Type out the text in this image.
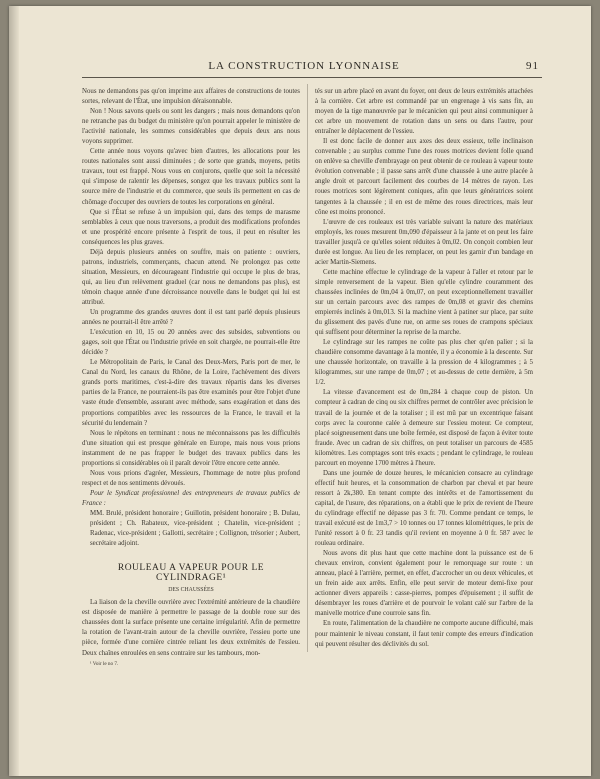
LA CONSTRUCTION LYONNAISE	91

Nous ne demandons pas qu'on imprime aux affaires de constructions de toutes sortes, relevant de l'État, une impulsion déraisonnable.

Non ! Nous savons quels ou sont les dangers ; mais nous demandons qu'on ne retranche pas du budget du ministère qu'on pourrait appeler le ministère de l'activité nationale, les sommes considérables que depuis deux ans nous voyons supprimer.

Cette année nous voyons qu'avec bien d'autres, les allocations pour les routes nationales sont aussi diminuées ; de sorte que grands, moyens, petits travaux, tout est frappé. Nous vous en conjurons, quelle que soit la nécessité qui s'impose de ralentir les dépenses, songez que les travaux publics sont la source mère de l'industrie et du commerce, que seuls ils permettent en cas de chômage d'occuper des ouvriers de toutes les corporations en général.

Que si l'État se refuse à un impulsion qui, dans des temps de marasme semblables à ceux que nous traversons, a produit des modifications profondes et une prospérité encore présente à l'esprit de tous, il peut en résulter les conséquences les plus graves.

Déjà depuis plusieurs années on souffre, mais on patiente : ouvriers, patrons, industriels, commerçants, chacun attend. Ne prolongez pas cette situation, Messieurs, en décourageant l'industrie qui occupe le plus de bras, qui, au lieu d'un relèvement graduel (car nous ne demandons pas plus), est témoin chaque année d'une décroissance nouvelle dans le budget qui lui est attribué.

Un programme des grandes œuvres dont il est tant parlé depuis plusieurs années ne pourrait-il être arrêté ?

L'exécution en 10, 15 ou 20 années avec des subsides, subventions ou gages, soit que l'État ou l'industrie privée en soit chargée, ne pourrait-elle être décidée ?

Le Métropolitain de Paris, le Canal des Deux-Mers, Paris port de mer, le Canal du Nord, les canaux du Rhône, de la Loire, l'achèvement des divers grands ports maritimes, c'est-à-dire des travaux répartis dans les diverses parties de la France, ne pourraient-ils pas être examinés pour être l'objet d'une vaste étude d'ensemble, assurant avec méthode, sans exagération et dans des proportions compatibles avec les ressources de la France, le travail et la sécurité du lendemain ?

Nous le répétons en terminant : nous ne méconnaissons pas les difficultés d'une situation qui est presque générale en Europe, mais nous vous prions instamment de ne pas frapper le budget des travaux publics dans les proportions si considérables où il paraît devoir l'être encore cette année.

Nous vous prions d'agréer, Messieurs, l'hommage de notre plus profond respect et de nos sentiments dévoués.

Pour le Syndicat professionnel des entrepreneurs de travaux publics de France :

MM. Brulé, président honoraire ; Guillotin, président honoraire ; B. Dulau, président ; Ch. Rabateux, vice-président ; Chatelin, vice-président ; Radenac, vice-président ; Gallotti, secrétaire ; Collignon, trésorier ; Aubert, secrétaire adjoint.

ROULEAU A VAPEUR POUR LE CYLINDRAGE¹
DES CHAUSSÉES

La liaison de la cheville ouvrière avec l'extrémité antérieure de la chaudière est disposée de manière à permettre le passage de la double roue sur des chaussées dont la surface présente une certaine irrégularité. Afin de permettre la rotation de l'avant-train autour de la cheville ouvrière, l'essieu porte une pièce, formée d'une cornière cintrée reliant les deux extrémités de l'essieu. Deux chaînes enroulées en sens contraire sur les tambours, mon-

¹ Voir le no 7.

tés sur un arbre placé en avant du foyer, ont deux de leurs extrémités attachées à la cornière. Cet arbre est commandé par un engrenage à vis sans fin, au moyen de la tige manœuvrée par le mécanicien qui peut ainsi communiquer à cet arbre un mouvement de rotation dans un sens ou dans l'autre, pour entraîner le déplacement de l'essieu.

Il est donc facile de donner aux axes des deux essieux, telle inclinaison convenable ; au surplus comme l'une des roues motrices devient folle quand on enlève sa cheville d'embrayage on peut obtenir de ce rouleau à vapeur toute évolution convenable ; il passe sans arrêt d'une chaussée à une autre placée à angle droit et parcourt facilement des courbes de 14 mètres de rayon. Les roues motrices sont légèrement coniques, afin que leurs génératrices soient tangentes à la chaussée ; il en est de même des roues directrices, mais leur cône est moins prononcé.

L'œuvre de ces rouleaux est très variable suivant la nature des matériaux employés, les roues mesurent 0m,090 d'épaisseur à la jante et on peut les faire travailler jusqu'à ce qu'elles soient réduites à 0m,02. On conçoit combien leur durée est longue. Au lieu de les remplacer, on peut les garnir d'un bandage en acier Martin-Siemens.

Cette machine effectue le cylindrage de la vapeur à l'aller et retour par le simple renversement de la vapeur. Bien qu'elle cylindre couramment des chaussées inclinées de 0m,04 à 0m,07, on peut exceptionnellement travailler sur un certain parcours avec des rampes de 0m,08 et gravir des chemins empierrés inclinés à 0m,013. Si la machine vient à patiner sur place, par suite du glissement des pavés d'une rue, on arme ses roues de crampons spéciaux qui suffisent pour déterminer la reprise de la marche.

Le cylindrage sur les rampes ne coûte pas plus cher qu'en palier ; si la chaudière consomme davantage à la montée, il y a économie à la descente. Sur une chaussée horizontale, on travaille à la pression de 4 kilogrammes ; à 5 kilogrammes, sur une rampe de 0m,07 ; et au-dessus de cette dernière, à 5m 1/2.

La vitesse d'avancement est de 0m,284 à chaque coup de piston. Un compteur à cadran de cinq ou six chiffres permet de contrôler avec précision le travail de la journée et de la totaliser ; il est mû par un excentrique faisant corps avec la couronne calée à demeure sur l'essieu moteur. Ce compteur, placé soigneusement dans une boîte fermée, est disposé de façon à éviter toute fraude. Avec un cadran de six chiffres, on peut totaliser un parcours de 4585 kilomètres. Les comptages sont très exacts ; pendant le cylindrage, le rouleau parcourt en moyenne 1700 mètres à l'heure.

Dans une journée de douze heures, le mécanicien consacre au cylindrage effectif huit heures, et la consommation de charbon par cheval et par heure ressort à 2k,380. En tenant compte des intérêts et de l'amortissement du capital, de l'usure, des réparations, on a établi que le prix de revient de l'heure du cylindrage effectif ne dépasse pas 3 fr. 70. Comme pendant ce temps, le travail exécuté est de 1m3,7 > 10 tonnes ou 17 tonnes kilométriques, le prix de l'unité ressort à 0 fr. 23 tandis qu'il revient en moyenne à 0 fr. 587 avec le rouleau ordinaire.

Nous avons dit plus haut que cette machine dont la puissance est de 6 chevaux environ, convient également pour le remorquage sur route : un anneau, placé à l'arrière, permet, en effet, d'accrocher un ou deux véhicules, et un frein aide aux arrêts. Enfin, elle peut servir de moteur demi-fixe pour actionner divers appareils : casse-pierres, pompes d'épuisement ; il suffit de désembrayer les roues d'arrière et de pourvoir le volant calé sur l'arbre de la manivelle motrice d'une courroie sans fin.

En route, l'alimentation de la chaudière ne comporte aucune difficulté, mais pour maintenir le niveau constant, il faut tenir compte des erreurs d'indication qui peuvent résulter des déclivités du sol.
